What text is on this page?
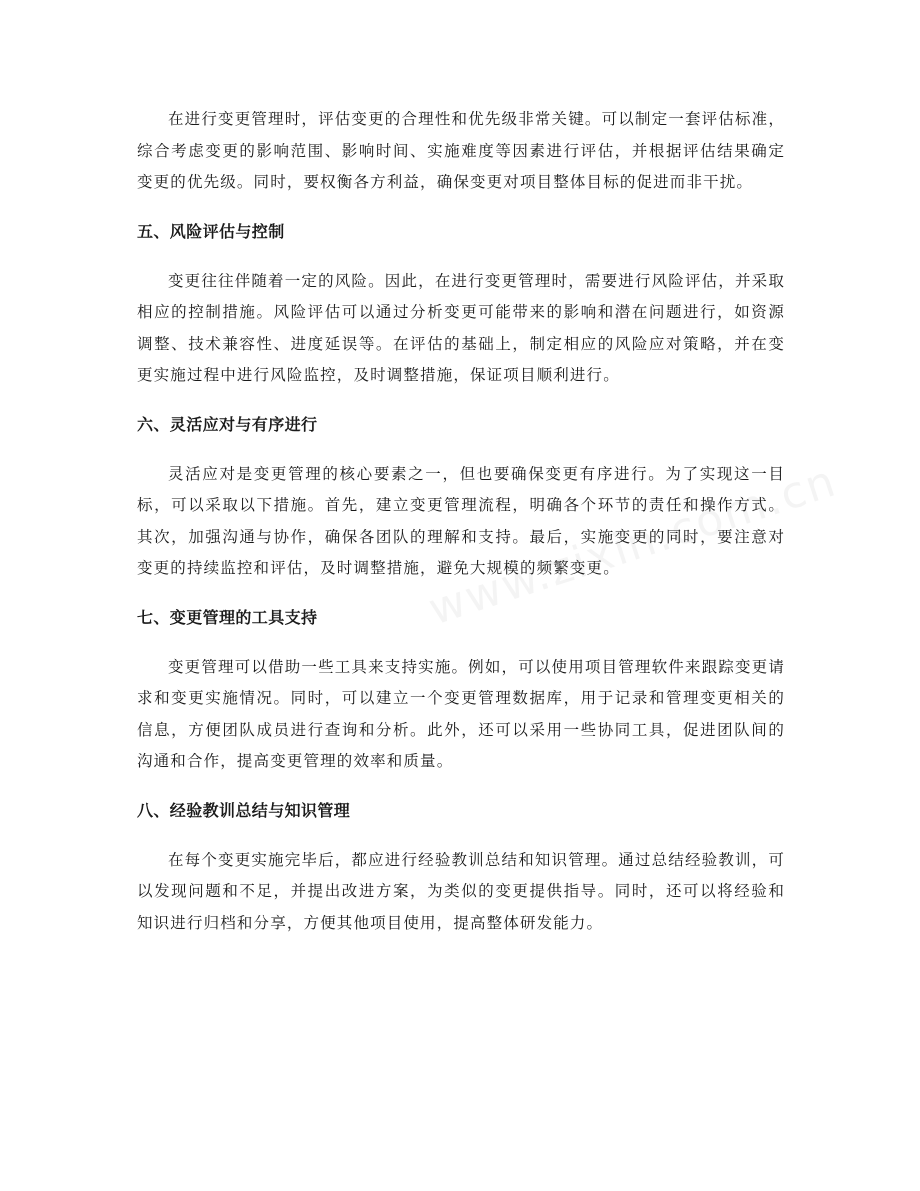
在进行变更管理时，评估变更的合理性和优先级非常关键。可以制定一套评估标准，综合考虑变更的影响范围、影响时间、实施难度等因素进行评估，并根据评估结果确定变更的优先级。同时，要权衡各方利益，确保变更对项目整体目标的促进而非干扰。

五、风险评估与控制

变更往往伴随着一定的风险。因此，在进行变更管理时，需要进行风险评估，并采取相应的控制措施。风险评估可以通过分析变更可能带来的影响和潜在问题进行，如资源调整、技术兼容性、进度延误等。在评估的基础上，制定相应的风险应对策略，并在变更实施过程中进行风险监控，及时调整措施，保证项目顺利进行。

六、灵活应对与有序进行

灵活应对是变更管理的核心要素之一，但也要确保变更有序进行。为了实现这一目标，可以采取以下措施。首先，建立变更管理流程，明确各个环节的责任和操作方式。其次，加强沟通与协作，确保各团队的理解和支持。最后，实施变更的同时，要注意对变更的持续监控和评估，及时调整措施，避免大规模的频繁变更。

七、变更管理的工具支持

变更管理可以借助一些工具来支持实施。例如，可以使用项目管理软件来跟踪变更请求和变更实施情况。同时，可以建立一个变更管理数据库，用于记录和管理变更相关的信息，方便团队成员进行查询和分析。此外，还可以采用一些协同工具，促进团队间的沟通和合作，提高变更管理的效率和质量。

八、经验教训总结与知识管理

在每个变更实施完毕后，都应进行经验教训总结和知识管理。通过总结经验教训，可以发现问题和不足，并提出改进方案，为类似的变更提供指导。同时，还可以将经验和知识进行归档和分享，方便其他项目使用，提高整体研发能力。
